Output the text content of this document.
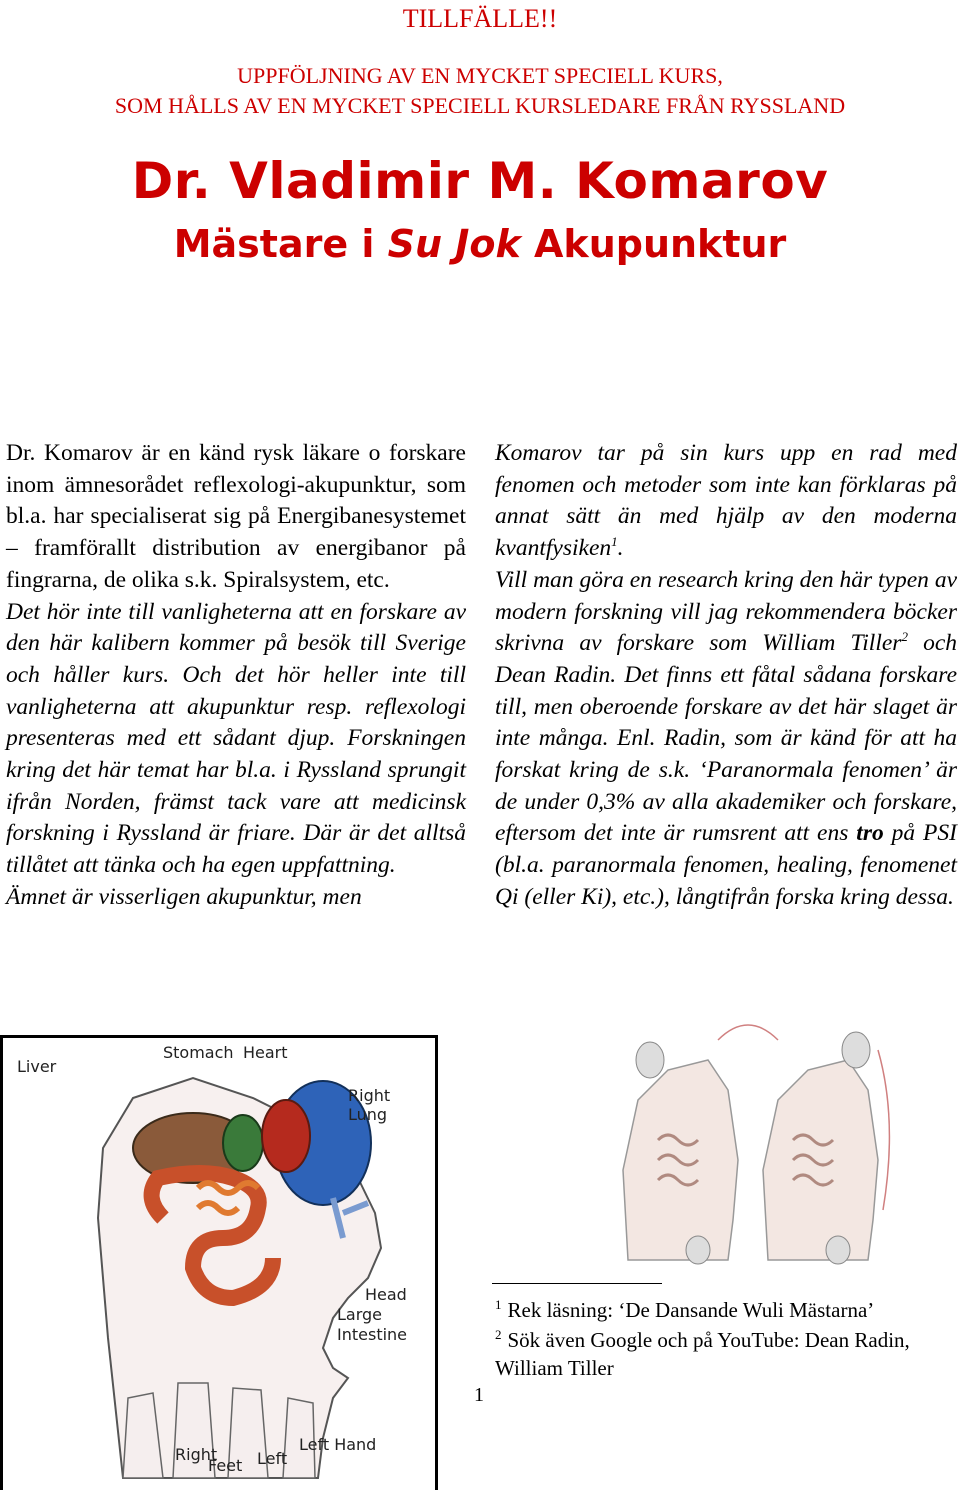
TILLFÄLLE!!
UPPFÖLJNING AV EN MYCKET SPECIELL KURS,
SOM HÅLLS AV EN MYCKET SPECIELL KURSLEDARE FRÅN RYSSLAND
Dr. Vladimir M. Komarov
Mästare i Su Jok Akupunktur

Dr. Komarov är en känd rysk läkare o forskare inom ämnesorådet reflexologi-akupunktur, som bl.a. har specialiserat sig på Energibanesystemet – framförallt distribution av energibanor på fingrarna, de olika s.k. Spiralsystem, etc.

Det hör inte till vanligheterna att en forskare av den här kalibern kommer på besök till Sverige och håller kurs. Och det hör heller inte till vanligheterna att akupunktur resp. reflexologi presenteras med ett sådant djup. Forskningen kring det här temat har bl.a. i Ryssland sprungit ifrån Norden, främst tack vare att medicinsk forskning i Ryssland är friare. Där är det alltså tillåtet att tänka och ha egen uppfattning.

Ämnet är visserligen akupunktur, men

Komarov tar på sin kurs upp en rad med fenomen och metoder som inte kan förklaras på annat sätt än med hjälp av den moderna kvantfysiken$^1$.

Vill man göra en research kring den här typen av modern forskning vill jag rekommendera böcker skrivna av forskare som William Tiller$^2$ och Dean Radin. Det finns ett fåtal sådana forskare till, men oberoende forskare av det här slaget är inte många. Enl. Radin, som är känd för att ha forskat kring de s.k. ‘Paranormala fenomen’ är de under 0,3% av alla akademiker och forskare, eftersom det inte är rumsrent att ens tro på PSI (bl.a. paranormala fenomen, healing, fenomenet Qi (eller Ki), etc.), långtifrån forska kring dessa.

Liver
Stomach Heart
Right
Lung
Head
Large
Intestine
Left Hand
Right
Feet Left
$^1$ Rek läsning: ‘De Dansande Wuli Mästarna’
$^2$ Sök även Google och på YouTube: Dean Radin, William Tiller
1
